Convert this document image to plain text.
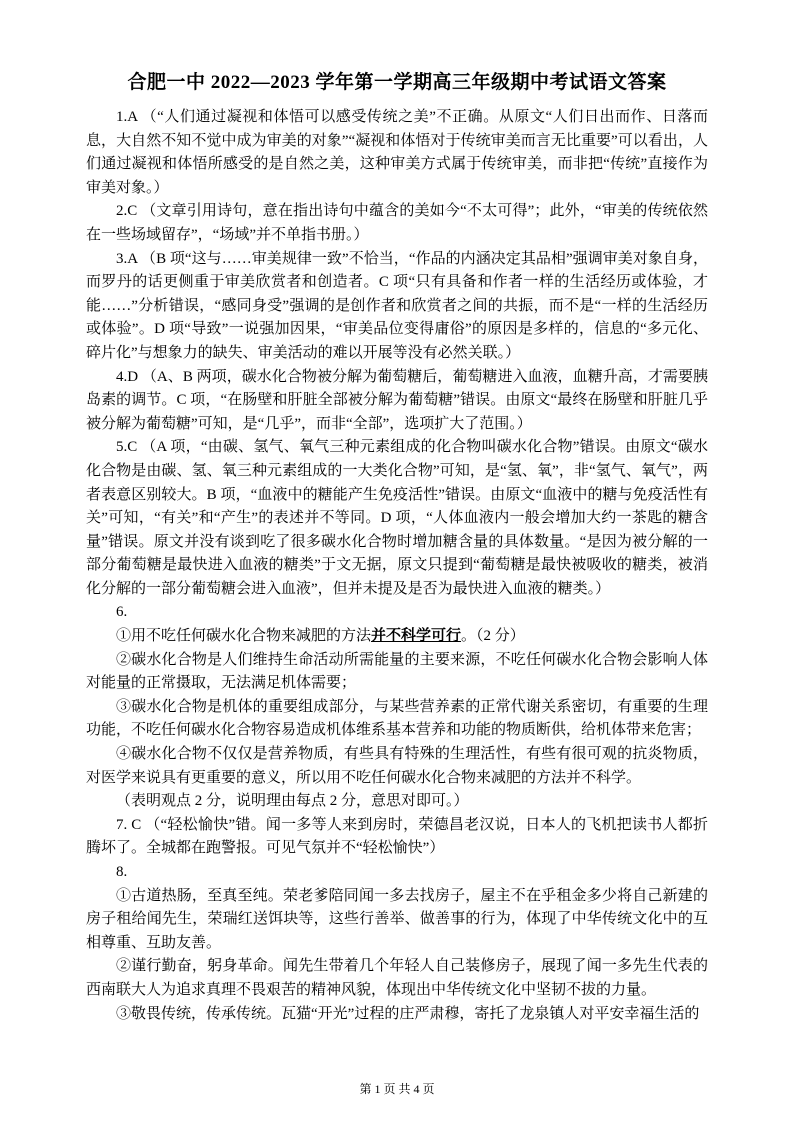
合肥一中 2022—2023 学年第一学期高三年级期中考试语文答案

1.A （“人们通过凝视和体悟可以感受传统之美”不正确。从原文“人们日出而作、日落而息，大自然不知不觉中成为审美的对象”“凝视和体悟对于传统审美而言无比重要”可以看出，人们通过凝视和体悟所感受的是自然之美，这种审美方式属于传统审美，而非把“传统”直接作为审美对象。）

2.C （文章引用诗句，意在指出诗句中蕴含的美如今“不太可得”；此外，“审美的传统依然在一些场域留存”，“场域”并不单指书册。）

3.A （B 项“这与……审美规律一致”不恰当，“作品的内涵决定其品相”强调审美对象自身，而罗丹的话更侧重于审美欣赏者和创造者。C 项“只有具备和作者一样的生活经历或体验，才能……”分析错误，“感同身受”强调的是创作者和欣赏者之间的共振，而不是“一样的生活经历或体验”。D 项“导致”一说强加因果，“审美品位变得庸俗”的原因是多样的，信息的“多元化、碎片化”与想象力的缺失、审美活动的难以开展等没有必然关联。）

4.D （A、B 两项，碳水化合物被分解为葡萄糖后，葡萄糖进入血液，血糖升高，才需要胰岛素的调节。C 项，“在肠壁和肝脏全部被分解为葡萄糖”错误。由原文“最终在肠壁和肝脏几乎被分解为葡萄糖”可知，是“几乎”，而非“全部”，选项扩大了范围。）

5.C （A 项，“由碳、氢气、氧气三种元素组成的化合物叫碳水化合物”错误。由原文“碳水化合物是由碳、氢、氧三种元素组成的一大类化合物”可知，是“氢、氧”，非“氢气、氧气”，两者表意区别较大。B 项，“血液中的糖能产生免疫活性”错误。由原文“血液中的糖与免疫活性有关”可知，“有关”和“产生”的表述并不等同。D 项，“人体血液内一般会增加大约一茶匙的糖含量”错误。原文并没有谈到吃了很多碳水化合物时增加糖含量的具体数量。“是因为被分解的一部分葡萄糖是最快进入血液的糖类”于文无据，原文只提到“葡萄糖是最快被吸收的糖类，被消化分解的一部分葡萄糖会进入血液”，但并未提及是否为最快进入血液的糖类。）

6.

①用不吃任何碳水化合物来减肥的方法并不科学可行。（2 分）

②碳水化合物是人们维持生命活动所需能量的主要来源，不吃任何碳水化合物会影响人体对能量的正常摄取，无法满足机体需要；

③碳水化合物是机体的重要组成部分，与某些营养素的正常代谢关系密切，有重要的生理功能，不吃任何碳水化合物容易造成机体维系基本营养和功能的物质断供，给机体带来危害；

④碳水化合物不仅仅是营养物质，有些具有特殊的生理活性，有些有很可观的抗炎物质，对医学来说具有更重要的意义，所以用不吃任何碳水化合物来减肥的方法并不科学。

（表明观点 2 分，说明理由每点 2 分，意思对即可。）

7. C （“轻松愉快”错。闻一多等人来到房时，荣德昌老汉说，日本人的飞机把读书人都折腾坏了。全城都在跑警报。可见气氛并不“轻松愉快”）

8.

①古道热肠，至真至纯。荣老爹陪同闻一多去找房子，屋主不在乎租金多少将自己新建的房子租给闻先生，荣瑞红送饵块等，这些行善举、做善事的行为，体现了中华传统文化中的互相尊重、互助友善。

②谨行勤奋，躬身革命。闻先生带着几个年轻人自己装修房子，展现了闻一多先生代表的西南联大人为追求真理不畏艰苦的精神风貌，体现出中华传统文化中坚韧不拔的力量。

③敬畏传统，传承传统。瓦猫“开光”过程的庄严肃穆，寄托了龙泉镇人对平安幸福生活的

第 1 页 共 4 页
